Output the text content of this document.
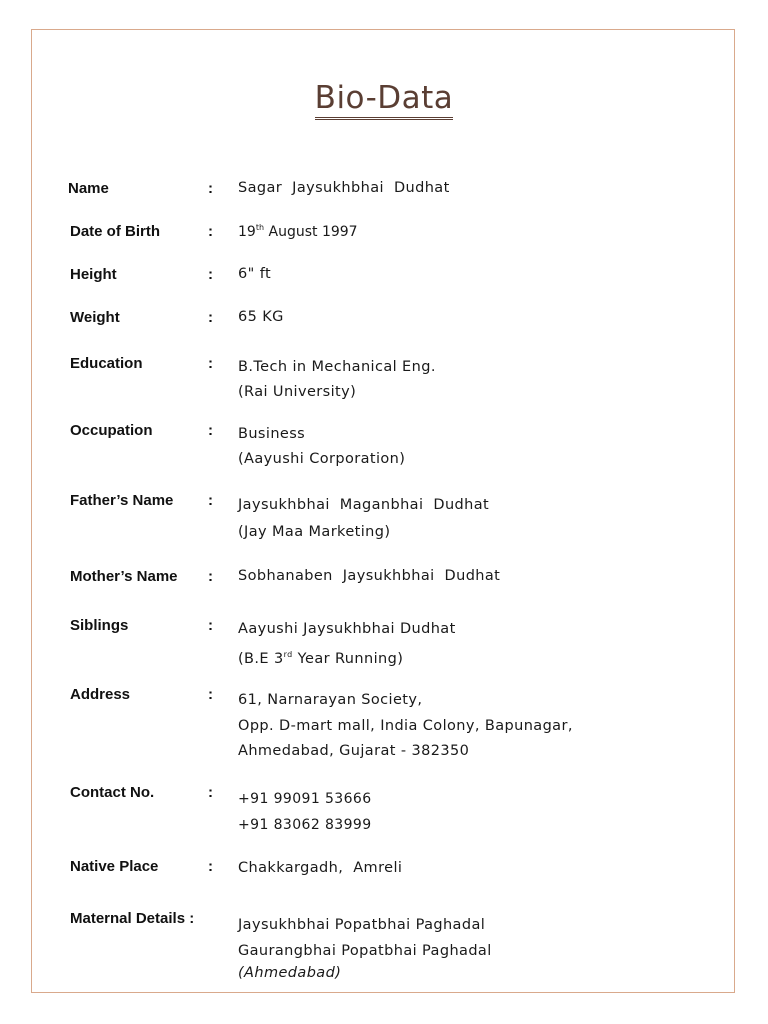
Bio-Data
Name	: Sagar Jaysukhbhai Dudhat
Date of Birth	: 19th August 1997
Height	: 6" ft
Weight	: 65 KG
Education	: B.Tech in Mechanical Eng.
(Rai University)
Occupation	: Business
(Aayushi Corporation)
Father’s Name : Jaysukhbhai Maganbhai Dudhat
(Jay Maa Marketing)
Mother’s Name : Sobhanaben Jaysukhbhai Dudhat
Siblings	: Aayushi Jaysukhbhai Dudhat
(B.E 3rd Year Running)
Address	: 61, Narnarayan Society,
Opp. D-mart mall, India Colony, Bapunagar,
Ahmedabad, Gujarat - 382350
Contact No.	: +91 99091 53666
+91 83062 83999
Native Place	: Chakkargadh, Amreli
Maternal Details :	Jaysukhbhai Popatbhai Paghadal
Gaurangbhai Popatbhai Paghadal
(Ahmedabad)
